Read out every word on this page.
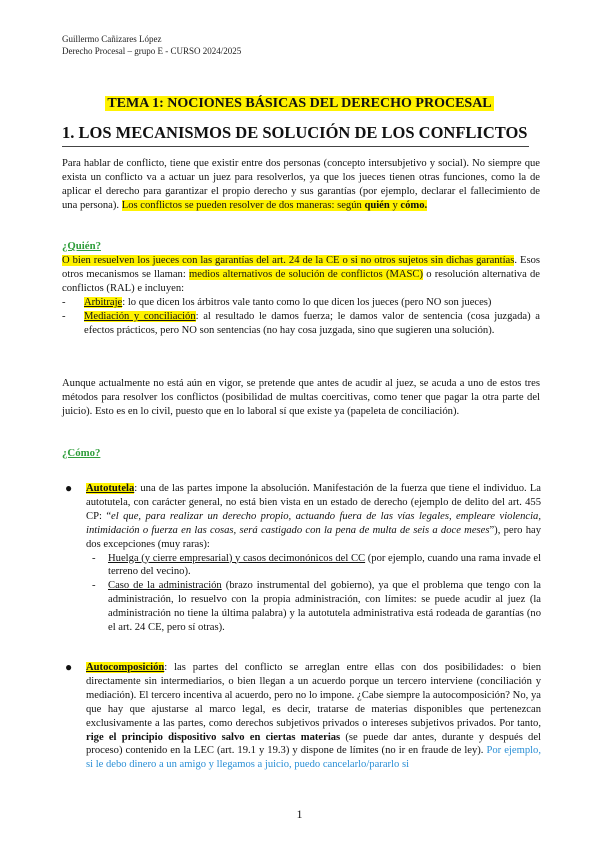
Guillermo Cañizares López
Derecho Procesal – grupo E - CURSO 2024/2025
TEMA 1: NOCIONES BÁSICAS DEL DERECHO PROCESAL
1. LOS MECANISMOS DE SOLUCIÓN DE LOS CONFLICTOS
Para hablar de conflicto, tiene que existir entre dos personas (concepto intersubjetivo y social). No siempre que exista un conflicto va a actuar un juez para resolverlos, ya que los jueces tienen otras funciones, como la de aplicar el derecho para garantizar el propio derecho y sus garantías (por ejemplo, declarar el fallecimiento de una persona). Los conflictos se pueden resolver de dos maneras: según quién y cómo.
¿Quién?
O bien resuelven los jueces con las garantías del art. 24 de la CE o si no otros sujetos sin dichas garantías. Esos otros mecanismos se llaman: medios alternativos de solución de conflictos (MASC) o resolución alternativa de conflictos (RAL) e incluyen:
- Arbitraje: lo que dicen los árbitros vale tanto como lo que dicen los jueces (pero NO son jueces)
- Mediación y conciliación: al resultado le damos fuerza; le damos valor de sentencia (cosa juzgada) a efectos prácticos, pero NO son sentencias (no hay cosa juzgada, sino que sugieren una solución).
Aunque actualmente no está aún en vigor, se pretende que antes de acudir al juez, se acuda a uno de estos tres métodos para resolver los conflictos (posibilidad de multas coercitivas, como tener que pagar la otra parte del juicio). Esto es en lo civil, puesto que en lo laboral sí que existe ya (papeleta de conciliación).
¿Cómo?
● Autotutela: una de las partes impone la absolución. Manifestación de la fuerza que tiene el individuo. La autotutela, con carácter general, no está bien vista en un estado de derecho (ejemplo de delito del art. 455 CP: “el que, para realizar un derecho propio, actuando fuera de las vías legales, empleare violencia, intimidación o fuerza en las cosas, será castigado con la pena de multa de seis a doce meses”), pero hay dos excepciones (muy raras):
- Huelga (y cierre empresarial) y casos decimonónicos del CC (por ejemplo, cuando una rama invade el terreno del vecino).
- Caso de la administración (brazo instrumental del gobierno), ya que el problema que tengo con la administración, lo resuelvo con la propia administración, con límites: se puede acudir al juez (la administración no tiene la última palabra) y la autotutela administrativa está rodeada de garantías (no el art. 24 CE, pero sí otras).
● Autocomposición: las partes del conflicto se arreglan entre ellas con dos posibilidades: o bien directamente sin intermediarios, o bien llegan a un acuerdo porque un tercero interviene (conciliación y mediación). El tercero incentiva al acuerdo, pero no lo impone. ¿Cabe siempre la autocomposición? No, ya que hay que ajustarse al marco legal, es decir, tratarse de materias disponibles que pertenezcan exclusivamente a las partes, como derechos subjetivos privados o intereses subjetivos privados. Por tanto, rige el principio dispositivo salvo en ciertas materias (se puede dar antes, durante y después del proceso) contenido en la LEC (art. 19.1 y 19.3) y dispone de límites (no ir en fraude de ley). Por ejemplo, si le debo dinero a un amigo y llegamos a juicio, puedo cancelarlo/pararlo si
1
